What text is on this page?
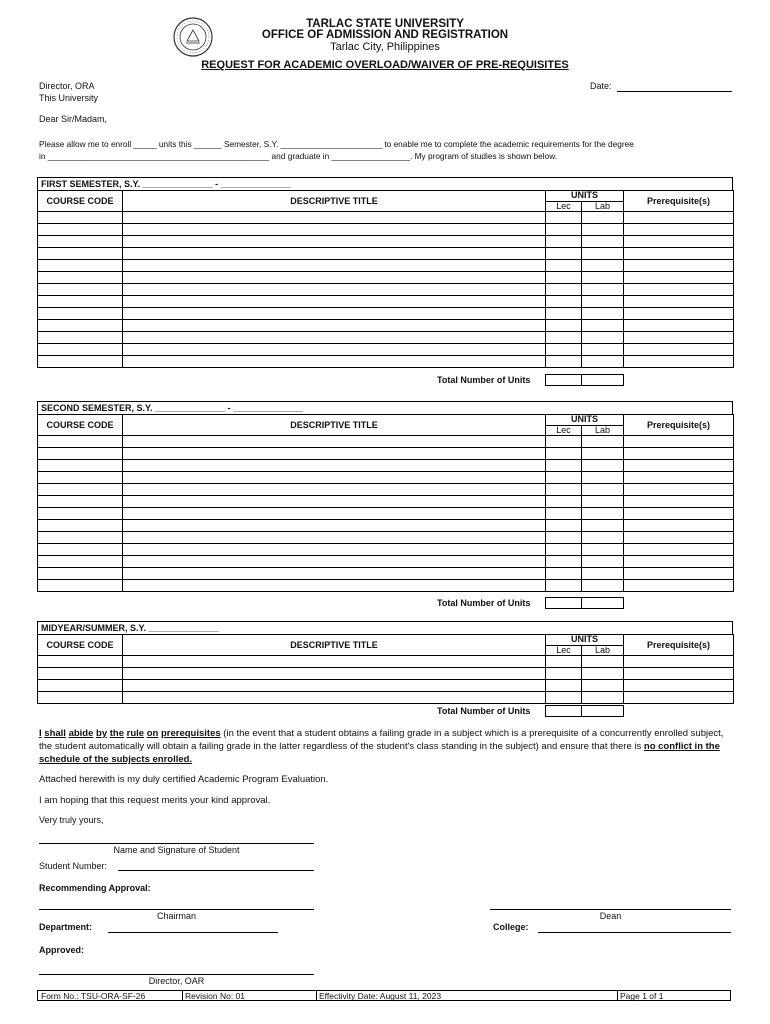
TARLAC STATE UNIVERSITY
OFFICE OF ADMISSION AND REGISTRATION
Tarlac City, Philippines
REQUEST FOR ACADEMIC OVERLOAD/WAIVER OF PRE-REQUISITES
Director, ORA
This University
Date:
Dear Sir/Madam,
Please allow me to enroll _____ units this ______ Semester, S.Y. ______________________ to enable me to complete the academic requirements for the degree
in ________________________________________________ and graduate in _________________. My program of studies is shown below.
FIRST SEMESTER, S.Y. ______________ - ______________
COURSE CODE	DESCRIPTIVE TITLE	UNITS		Prerequisite(s)
		Lec	Lab	

Total Number of Units
SECOND SEMESTER, S.Y. ______________ - ______________
COURSE CODE	DESCRIPTIVE TITLE	UNITS		Prerequisite(s)
		Lec	Lab	

Total Number of Units
MIDYEAR/SUMMER, S.Y. ______________
COURSE CODE	DESCRIPTIVE TITLE	UNITS		Prerequisite(s)
		Lec	Lab	

Total Number of Units
I shall abide by the rule on prerequisites (in the event that a student obtains a failing grade in a subject which is a prerequisite of a concurrently enrolled subject, the student automatically will obtain a failing grade in the latter regardless of the student's class standing in the subject) and ensure that there is no conflict in the schedule of the subjects enrolled.
Attached herewith is my duly certified Academic Program Evaluation.
I am hoping that this request merits your kind approval.
Very truly yours,
Name and Signature of Student
Student Number:
Recommending Approval:
Chairman
Department:
Dean
College:
Approved:
Director, OAR
Form No.: TSU-ORA-SF-26	Revision No: 01	Effectivity Date: August 11, 2023	Page 1 of 1
